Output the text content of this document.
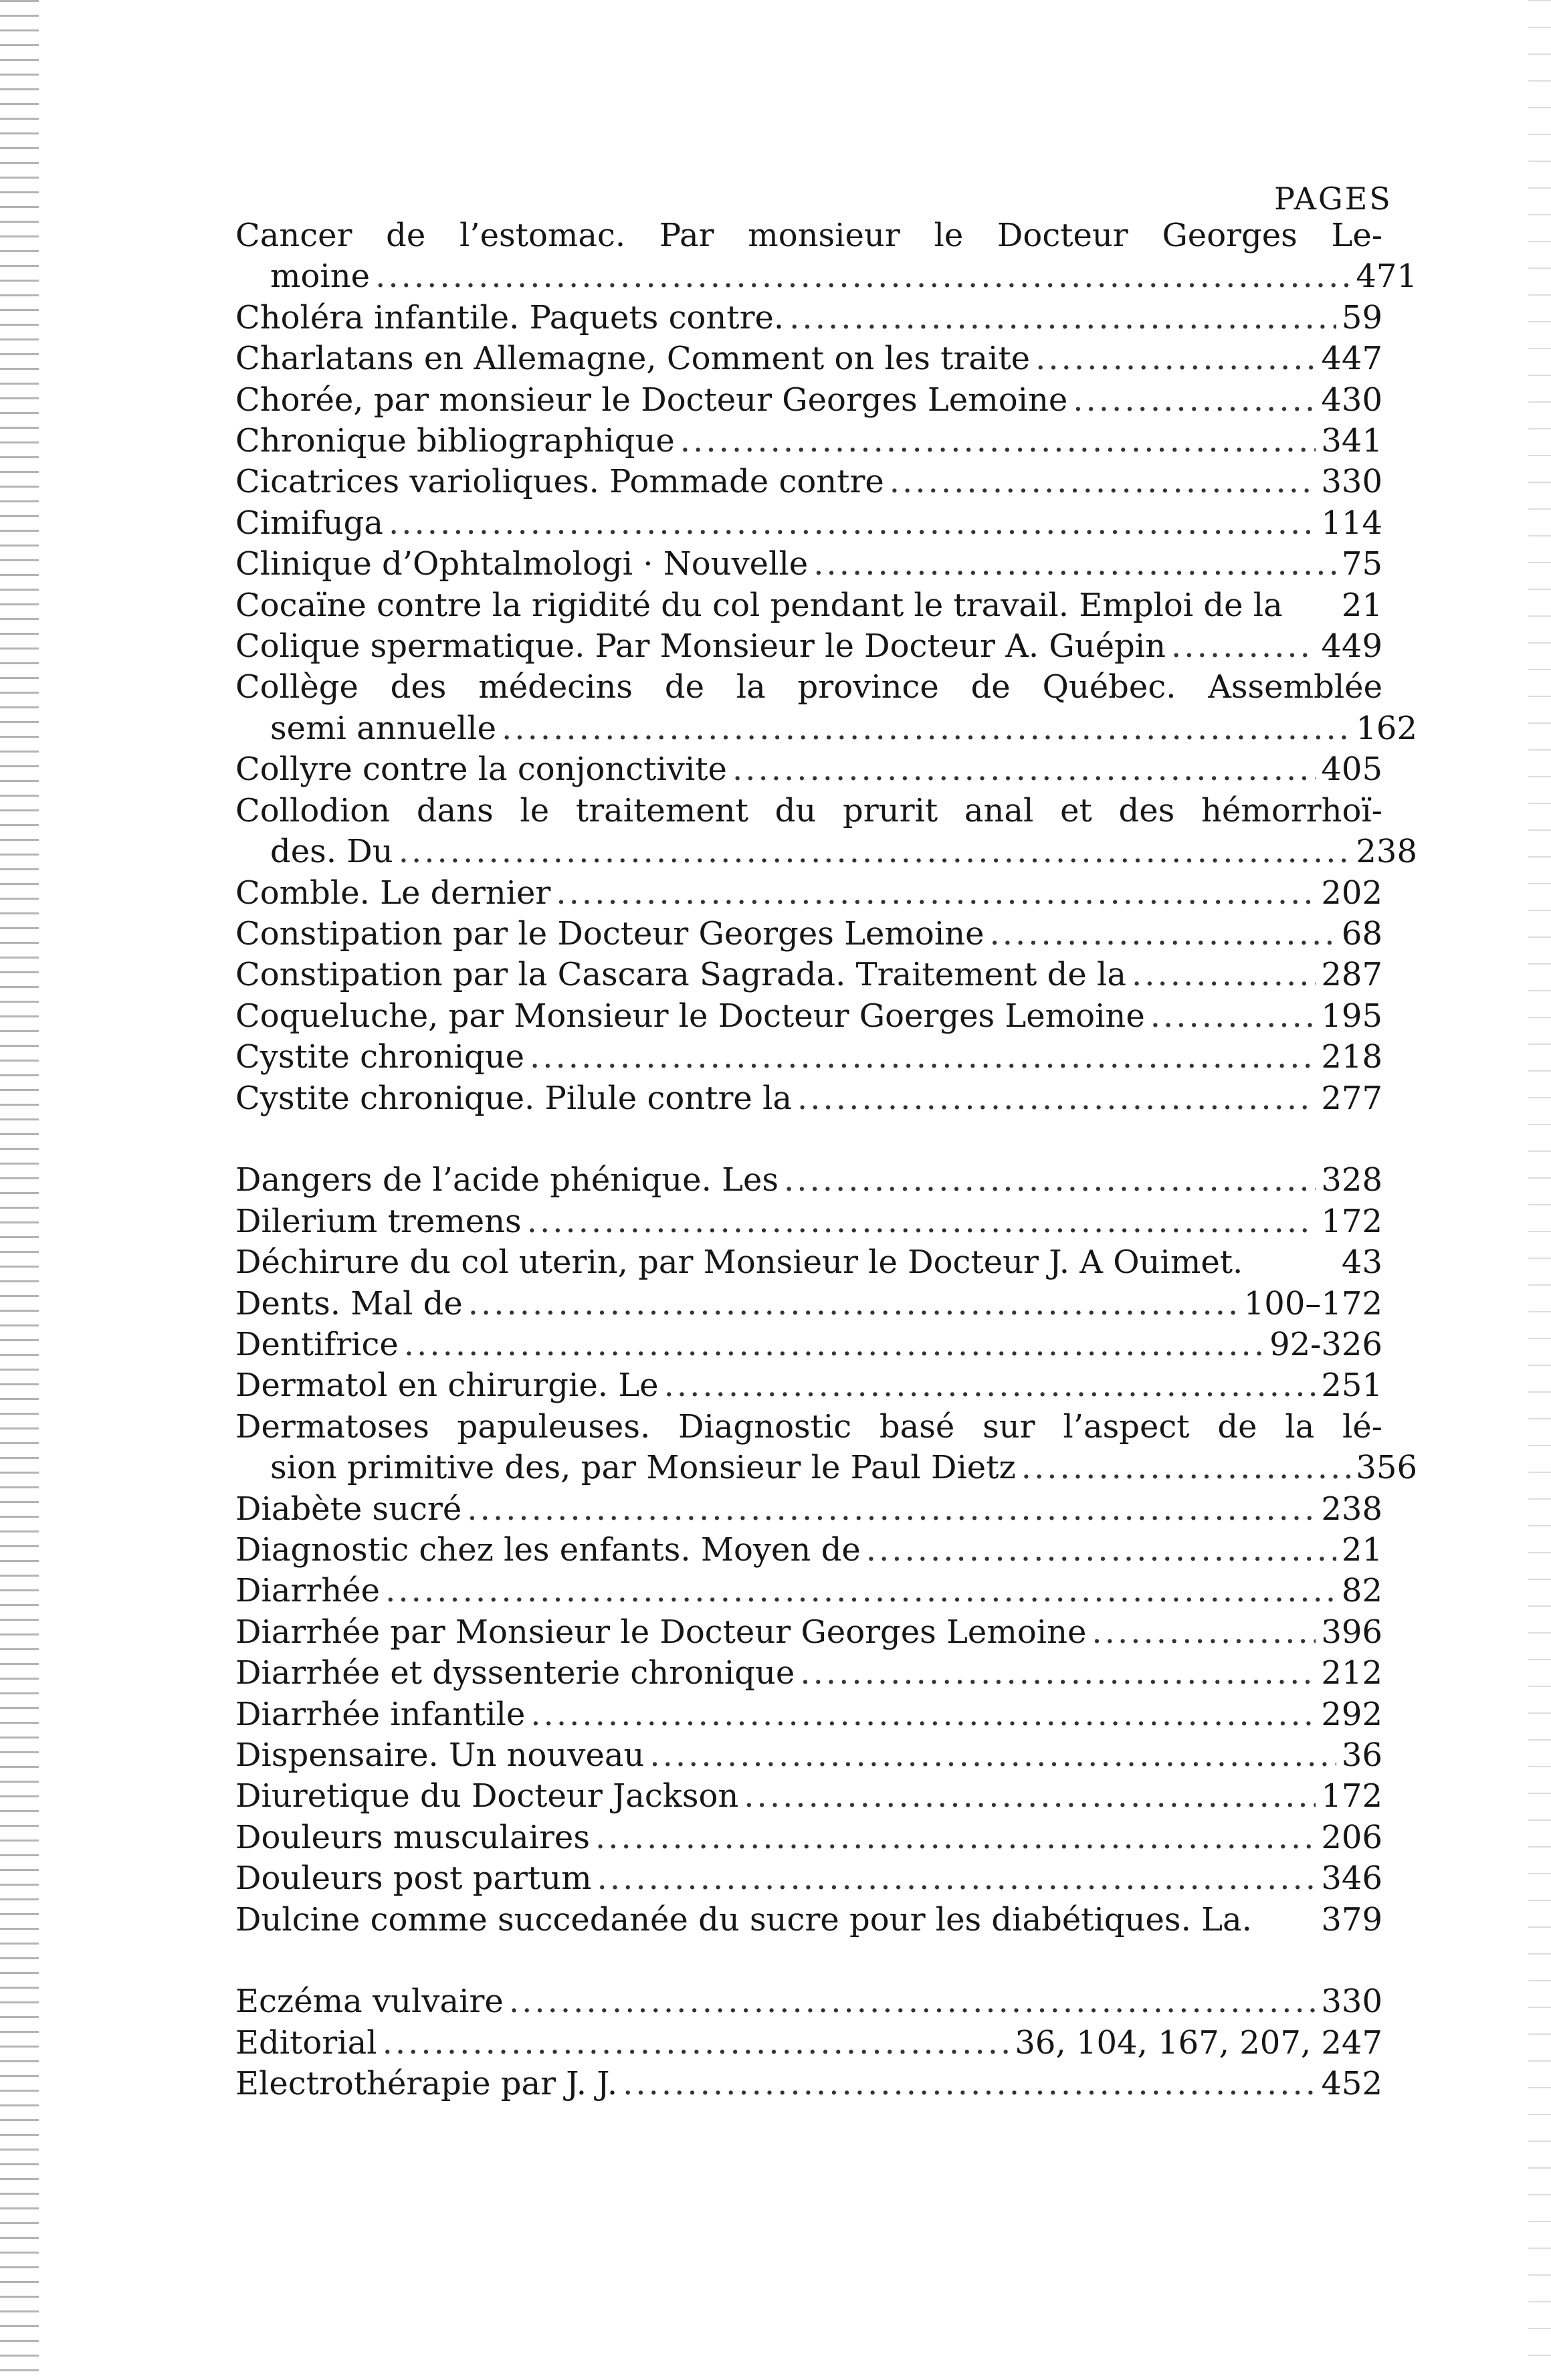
PAGES
Cancer de l’estomac. Par monsieur le Docteur Georges Le-
moine .....	471
Choléra infantile. Paquets contre. .....	59
Charlatans en Allemagne, Comment on les traite .....	447
Chorée, par monsieur le Docteur Georges Lemoine .....	430
Chronique bibliographique .....	341
Cicatrices varioliques. Pommade contre .....	330
Cimifuga .....	114
Clinique d’Ophtalmologi · Nouvelle .....	75
Cocaïne contre la rigidité du col pendant le travail. Emploi de la 21
Colique spermatique. Par Monsieur le Docteur A. Guépin .....	449
Collège des médecins de la province de Québec. Assemblée
semi annuelle .....	162
Collyre contre la conjonctivite .....	405
Collodion dans le traitement du prurit anal et des hémorrhoï-
des. Du .....	238
Comble. Le dernier .....	202
Constipation par le Docteur Georges Lemoine .....	68
Constipation par la Cascara Sagrada. Traitement de la .....	287
Coqueluche, par Monsieur le Docteur Goerges Lemoine .....	195
Cystite chronique .....	218
Cystite chronique. Pilule contre la .....	277
Dangers de l’acide phénique. Les .....	328
Dilerium tremens .....	172
Déchirure du col uterin, par Monsieur le Docteur J. A Ouimet.	43
Dents. Mal de .....	100–172
Dentifrice .....	92-326
Dermatol en chirurgie. Le .....	251
Dermatoses papuleuses. Diagnostic basé sur l’aspect de la lé-
sion primitive des, par Monsieur le Paul Dietz .....	356
Diabète sucré .....	238
Diagnostic chez les enfants. Moyen de .....	21
Diarrhée .....	82
Diarrhée par Monsieur le Docteur Georges Lemoine .....	396
Diarrhée et dyssenterie chronique .....	212
Diarrhée infantile .....	292
Dispensaire. Un nouveau .....	36
Diuretique du Docteur Jackson .....	172
Douleurs musculaires .....	206
Douleurs post partum .....	346
Dulcine comme succedanée du sucre pour les diabétiques. La. 379
Eczéma vulvaire .....	330
Editorial .....	36, 104, 167, 207, 247
Electrothérapie par J. J. .....	452
